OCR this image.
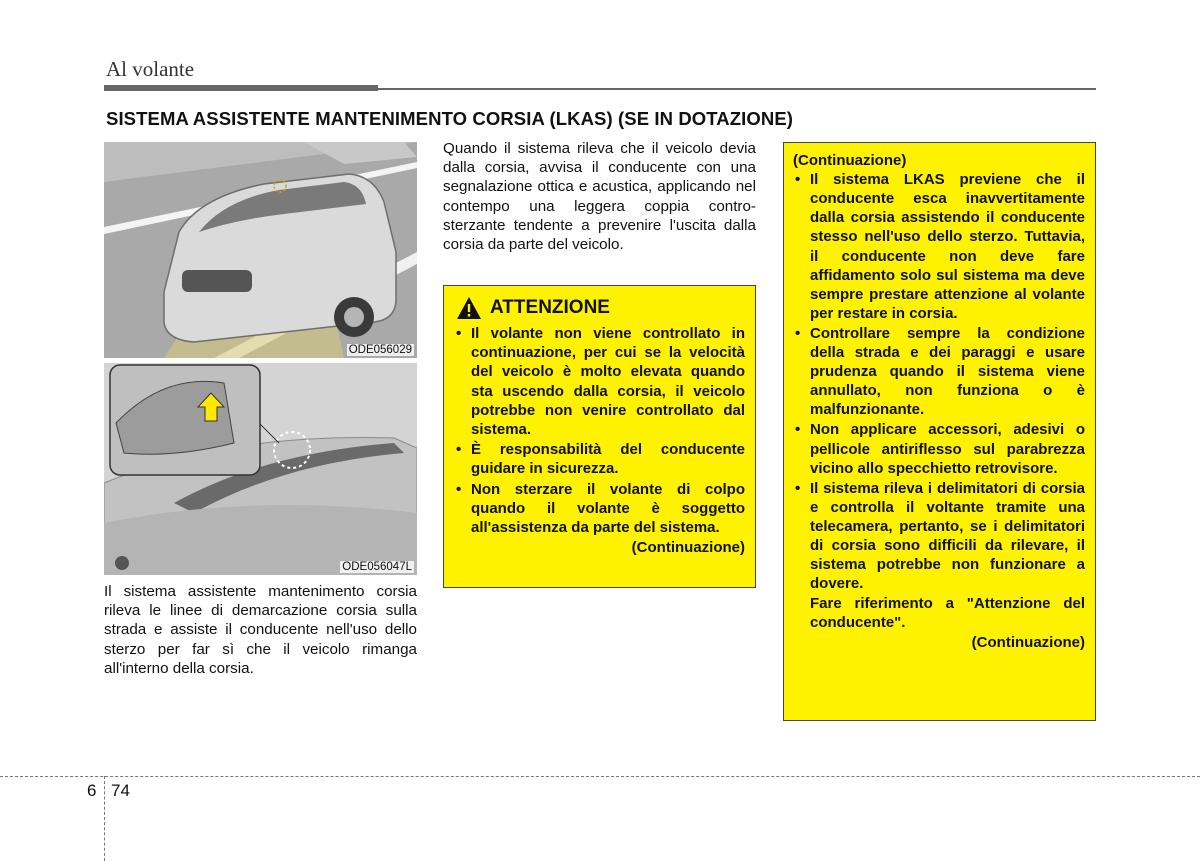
Al volante
SISTEMA ASSISTENTE MANTENIMENTO CORSIA (LKAS) (SE IN DOTAZIONE)
ODE056029
ODE056047L
Il sistema assistente mantenimento corsia rileva le linee di demarcazione corsia sulla strada e assiste il conducente nell'uso dello sterzo per far sì che il veicolo rimanga all'interno della corsia.
Quando il sistema rileva che il veicolo devia dalla corsia, avvisa il conducente con una segnalazione ottica e acustica, applicando nel contempo una leggera coppia contro-sterzante tendente a prevenire l'uscita dalla corsia da parte del veicolo.
ATTENZIONE
• Il volante non viene controllato in continuazione, per cui se la velocità del veicolo è molto elevata quando sta uscendo dalla corsia, il veicolo potrebbe non venire controllato dal sistema.
• È responsabilità del conducente guidare in sicurezza.
• Non sterzare il volante di colpo quando il volante è soggetto all'assistenza da parte del sistema.
(Continuazione)
(Continuazione)
• Il sistema LKAS previene che il conducente esca inavvertitamente dalla corsia assistendo il conducente stesso nell'uso dello sterzo. Tuttavia, il conducente non deve fare affidamento solo sul sistema ma deve sempre prestare attenzione al volante per restare in corsia.
• Controllare sempre la condizione della strada e dei paraggi e usare prudenza quando il sistema viene annullato, non funziona o è malfunzionante.
• Non applicare accessori, adesivi o pellicole antiriflesso sul parabrezza vicino allo specchietto retrovisore.
• Il sistema rileva i delimitatori di corsia e controlla il voltante tramite una telecamera, pertanto, se i delimitatori di corsia sono difficili da rilevare, il sistema potrebbe non funzionare a dovere.
Fare riferimento a "Attenzione del conducente".
(Continuazione)
6 74
